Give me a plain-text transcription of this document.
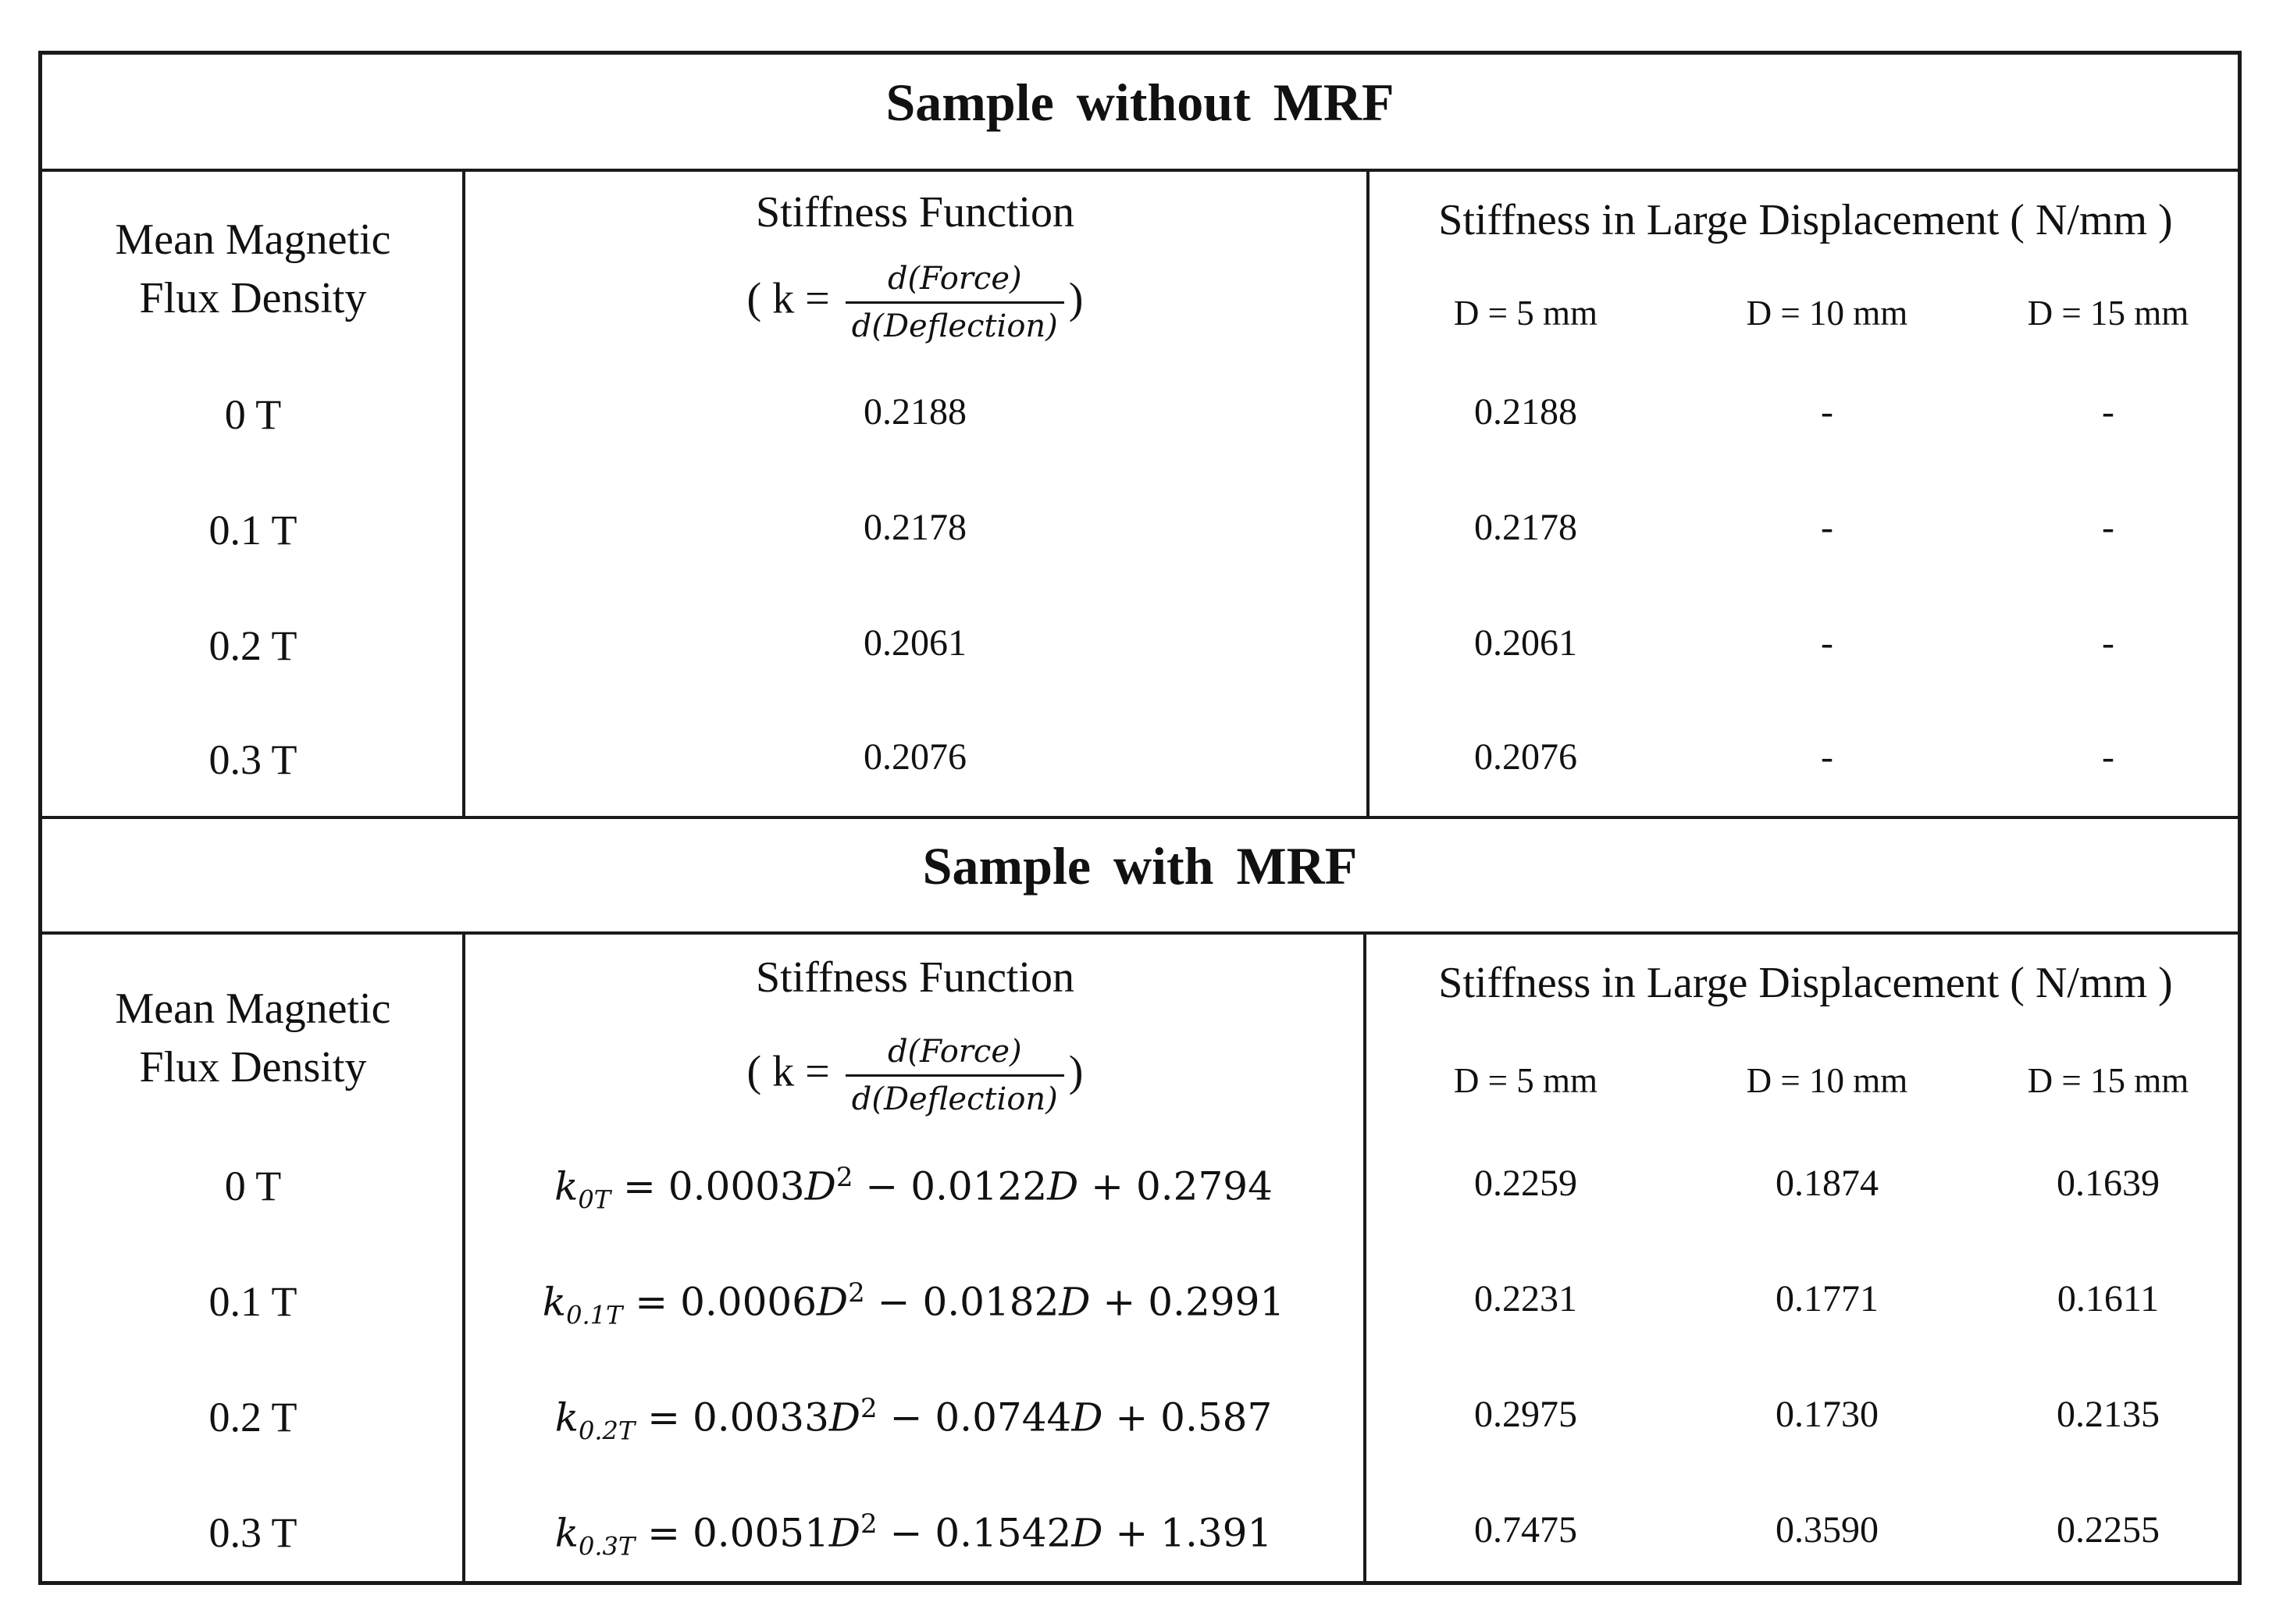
Sample without MRF
Mean Magnetic
Flux Density
Stiffness Function
( $k = \frac{\text{d(Force)}}{\text{d(Deflection)}}$ )
Stiffness in Large Displacement ( N/mm )
D = 5 mm	D = 10 mm	D = 15 mm
0 T	0.2188	0.2188	-	-
0.1 T	0.2178	0.2178	-	-
0.2 T	0.2061	0.2061	-	-
0.3 T	0.2076	0.2076	-	-
Sample with MRF
Mean Magnetic
Flux Density
Stiffness Function
( $k = \frac{\text{d(Force)}}{\text{d(Deflection)}}$ )
Stiffness in Large Displacement ( N/mm )
D = 5 mm	D = 10 mm	D = 15 mm
0 T	$k_{0T} = 0.0003D^2 - 0.0122D + 0.2794$	0.2259	0.1874	0.1639
0.1 T	$k_{0.1T} = 0.0006D^2 - 0.0182D + 0.2991$	0.2231	0.1771	0.1611
0.2 T	$k_{0.2T} = 0.0033D^2 - 0.0744D + 0.587$	0.2975	0.1730	0.2135
0.3 T	$k_{0.3T} = 0.0051D^2 - 0.1542D + 1.391$	0.7475	0.3590	0.2255
